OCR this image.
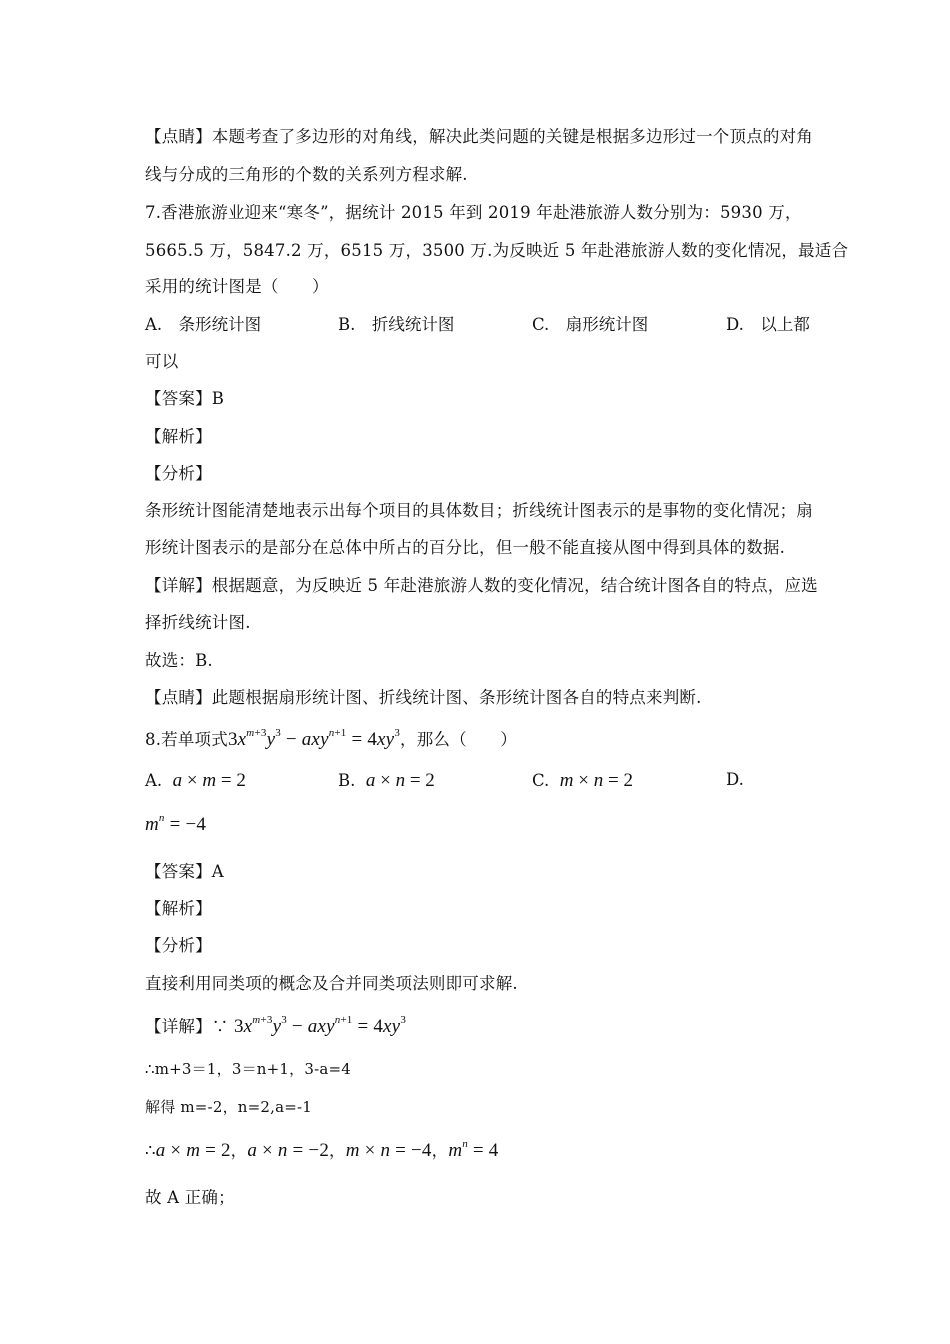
【点睛】本题考查了多边形的对角线，解决此类问题的关键是根据多边形过一个顶点的对角
线与分成的三角形的个数的关系列方程求解.
7.香港旅游业迎来“寒冬”，据统计 2015 年到 2019 年赴港旅游人数分别为：5930 万，
5665.5 万，5847.2 万，6515 万，3500 万.为反映近 5 年赴港旅游人数的变化情况，最适合
采用的统计图是（　　）
A.　条形统计图	B.　折线统计图	C.　扇形统计图	D.　以上都
可以
【答案】B
【解析】
【分析】
条形统计图能清楚地表示出每个项目的具体数目；折线统计图表示的是事物的变化情况；扇
形统计图表示的是部分在总体中所占的百分比，但一般不能直接从图中得到具体的数据.
【详解】根据题意，为反映近 5 年赴港旅游人数的变化情况，结合统计图各自的特点，应选
择折线统计图.
故选：B.
【点睛】此题根据扇形统计图、折线统计图、条形统计图各自的特点来判断.
8.若单项式$3x^{m+3}y^3 - axy^{n+1} = 4xy^3$，那么（　　）
A. a × m = 2	B. a × n = 2	C. m × n = 2	D.
$m^n = -4$
【答案】A
【解析】
【分析】
直接利用同类项的概念及合并同类项法则即可求解.
【详解】∵ $3x^{m+3}y^3 - axy^{n+1} = 4xy^3$
∴m+3＝1，3＝n+1，3-a=4
解得 m=-2，n=2,a=-1
∴a × m = 2，a × n = −2，m × n = −4，$m^n = 4$
故 A 正确；
